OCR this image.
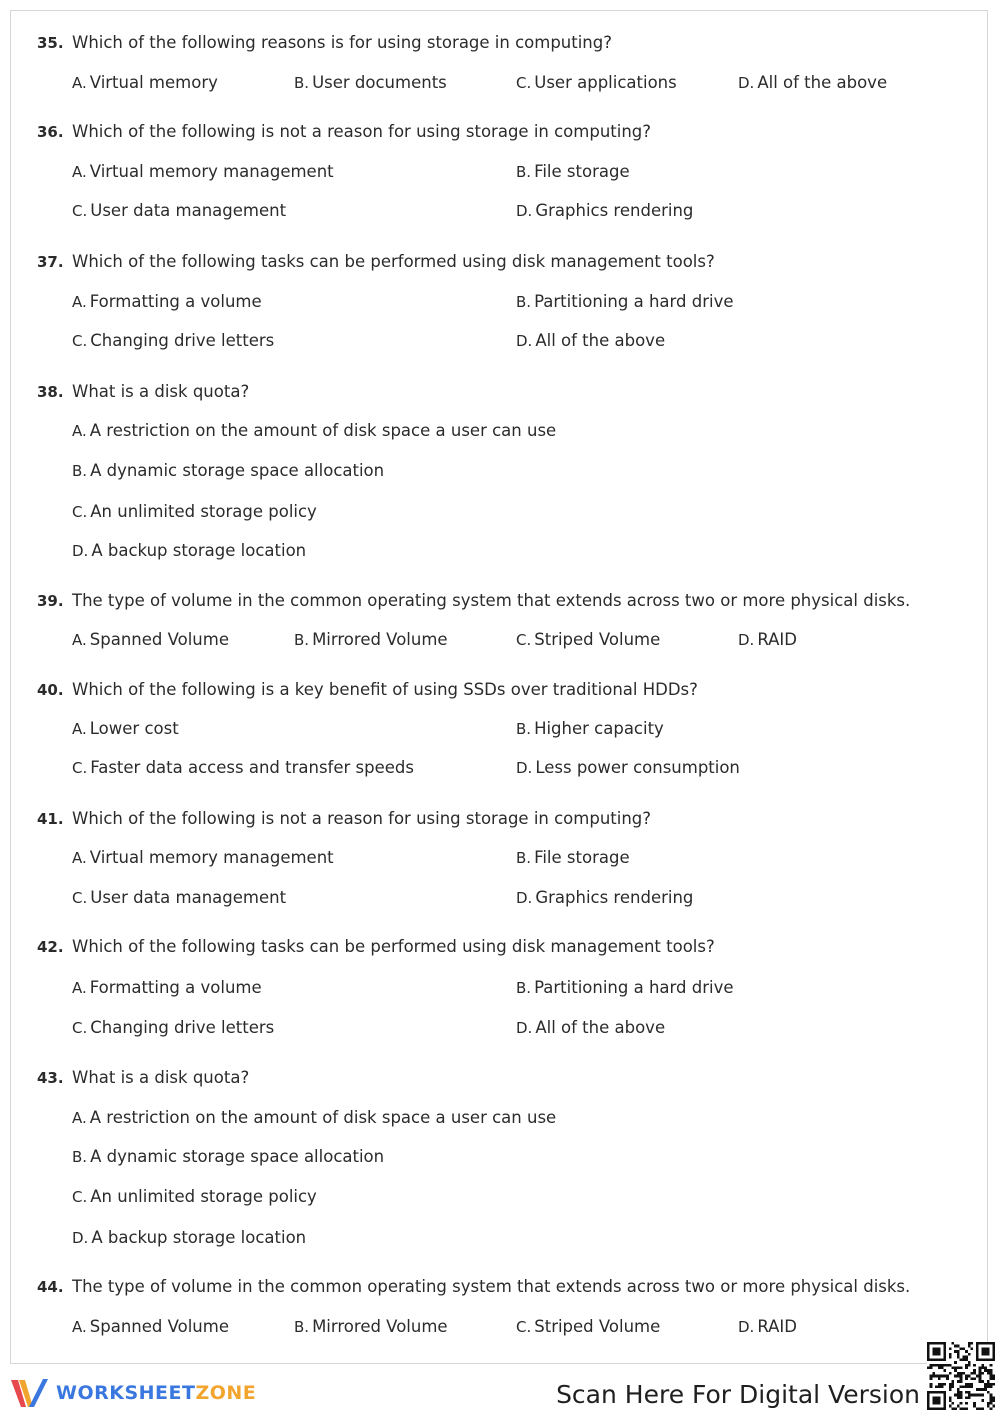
35. Which of the following reasons is for using storage in computing?
A. Virtual memory	B. User documents	C. User applications	D. All of the above
36. Which of the following is not a reason for using storage in computing?
A. Virtual memory management	B. File storage
C. User data management	D. Graphics rendering
37. Which of the following tasks can be performed using disk management tools?
A. Formatting a volume	B. Partitioning a hard drive
C. Changing drive letters	D. All of the above
38. What is a disk quota?
A. A restriction on the amount of disk space a user can use
B. A dynamic storage space allocation
C. An unlimited storage policy
D. A backup storage location
39. The type of volume in the common operating system that extends across two or more physical disks.
A. Spanned Volume	B. Mirrored Volume	C. Striped Volume	D. RAID
40. Which of the following is a key benefit of using SSDs over traditional HDDs?
A. Lower cost	B. Higher capacity
C. Faster data access and transfer speeds	D. Less power consumption
41. Which of the following is not a reason for using storage in computing?
A. Virtual memory management	B. File storage
C. User data management	D. Graphics rendering
42. Which of the following tasks can be performed using disk management tools?
A. Formatting a volume	B. Partitioning a hard drive
C. Changing drive letters	D. All of the above
43. What is a disk quota?
A. A restriction on the amount of disk space a user can use
B. A dynamic storage space allocation
C. An unlimited storage policy
D. A backup storage location
44. The type of volume in the common operating system that extends across two or more physical disks.
A. Spanned Volume	B. Mirrored Volume	C. Striped Volume	D. RAID
WORKSHEETZONE	Scan Here For Digital Version
